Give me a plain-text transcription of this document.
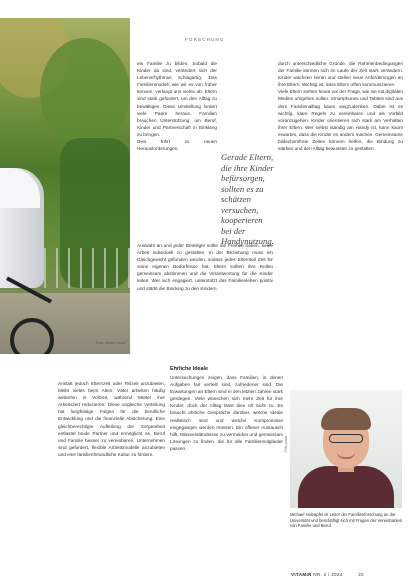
Foto: Adobe Stock
FORSCHUNG

ein Familie zu bilden. Sobald die Kinder da sind, verändert sich der Lebensrhythmus schlagartig. Das Familienmodell, wie wir es von früher kennen, verlangt uns vieles ab. Eltern sind stark gefordert, um den Alltag zu bewältigen. Diese Umstellung fordert viele Paare heraus. Familien brauchen Unterstützung, um Beruf, Kinder und Partnerschaft in Einklang zu bringen.

Dies führt zu neuen Herausforderungen.

Gerade Eltern, die ihre Kinder befürsorgen, sollten es zu schätzen versuchen, kooperieren bei der Handynutzung.

Auswahl an und jeder Beteiligte sollte die Freiheit haben, seine Arbeit individuell zu gestalten. In der Beziehung muss ein Gleichgewicht gefunden werden, sodass jedes Elternteil Zeit für seine eigenen Bedürfnisse hat. Eltern sollten ihre Rollen gemeinsam abstimmen und die Verantwortung für die Kinder teilen. Wer sich engagiert, unterstützt das Familienleben positiv und stärkt die Bindung zu den Kindern.

durch unterschiedliche Gründe, die Rahmenbedingungen der Familie können sich im Laufe der Zeit stark verändern. Kinder wachsen heran und stellen neue Anforderungen an ihre Eltern. Wichtig ist, dass Eltern offen kommunizieren.

Viele Eltern stehen heute vor der Frage, wie sie mit digitalen Medien umgehen sollen. Smartphones und Tablets sind aus dem Familienalltag kaum wegzudenken. Dabei ist es wichtig, klare Regeln zu vereinbaren und als Vorbild voranzugehen. Kinder orientieren sich stark am Verhalten ihrer Eltern. Wer selbst ständig am Handy ist, kann kaum erwarten, dass die Kinder es anders machen. Gemeinsame bildschirmfreie Zeiten können helfen, die Bindung zu stärken und den Alltag bewusster zu gestalten.

Anstatt jedoch Elternzeit oder Teilzeit anzubieten, bleibt vieles beim Alten. Väter arbeiten häufig weiterhin in Vollzeit, während Mütter ihre Arbeitszeit reduzieren. Diese ungleiche Verteilung hat langfristige Folgen für die berufliche Entwicklung und die finanzielle Absicherung. Eine gleichberechtigte Aufteilung der Sorgearbeit entlastet beide Partner und ermöglicht es, Beruf und Familie besser zu vereinbaren. Unternehmen sind gefordert, flexible Arbeitsmodelle anzubieten und eine familienfreundliche Kultur zu fördern.

Ehrliche Ideale

Untersuchungen zeigen, dass Familien, in denen Aufgaben fair verteilt sind, zufriedener sind. Die Erwartungen an Eltern sind in den letzten Jahren stark gestiegen. Viele wünschen sich mehr Zeit für ihre Kinder, doch der Alltag lässt dies oft nicht zu. Es braucht ehrliche Gespräche darüber, welche Ideale realistisch sind und welche Kompromisse eingegangen werden müssen. Ein offener Austausch hilft, Missverständnisse zu vermeiden und gemeinsam Lösungen zu finden, die für alle Familienmitglieder passen.	Foto: privat
Michael Holzapfel ist Leiter der Familienforschung an der Universität und beschäftigt sich mit Fragen der Vereinbarkeit von Familie und Beruf.
VITAMIN NR. 2 / 2024	23
